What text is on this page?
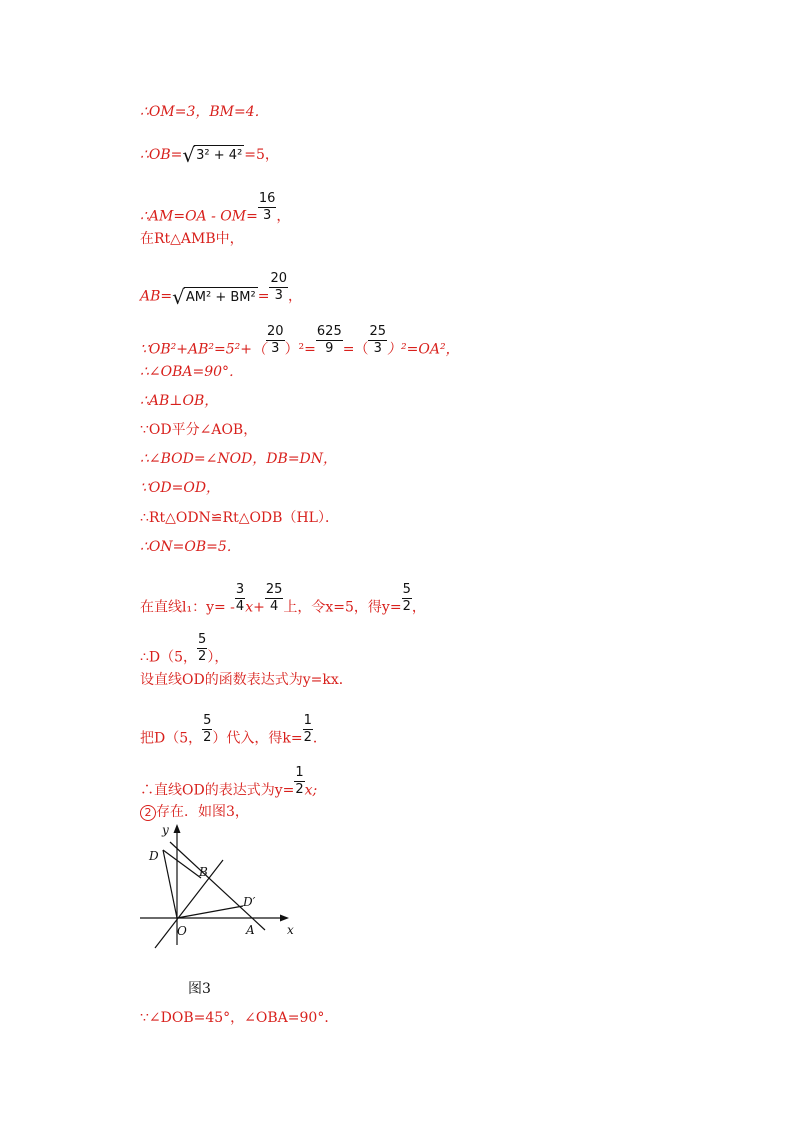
∴OM=3，BM=4．
∴OB=√3² + 4² =5，
∴AM=OA - $OM= \frac{16}{3}$ ，
在Rt△AMB中，
$AB=√AM^2 + BM^2 = \frac{20}{3}$ ，
∵OB²+AB²=5²+（ $\frac{20}{3} )^2= \frac{625}{9}$ =（ $\frac{25}{3} )^2=OA^2$，
∴∠OBA=90°．
∴AB⊥OB，
∵OD平分∠AOB，
∴∠BOD=∠NOD，DB=DN，
∵OD=OD，
∴Rt△ODN≌Rt△ODB（HL）．
∴ON=OB=5．
在直线l₁：$y= - \frac{3}{4} x+ \frac{25}{4}$ 上，令x=5，得$y= \frac{5}{2}$ ，
∴D（5， $\frac{5}{2}$ ），
设直线OD的函数表达式为y=kx．
把D（5， $\frac{5}{2}$ ）代入，得$k= \frac{1}{2}$ ．
∴直线OD的表达式为$y= \frac{1}{2} x$;
2 存在．如图3，
y
x
D
B
D′
O	A
图3
∵∠DOB=45°，∠OBA=90°．
